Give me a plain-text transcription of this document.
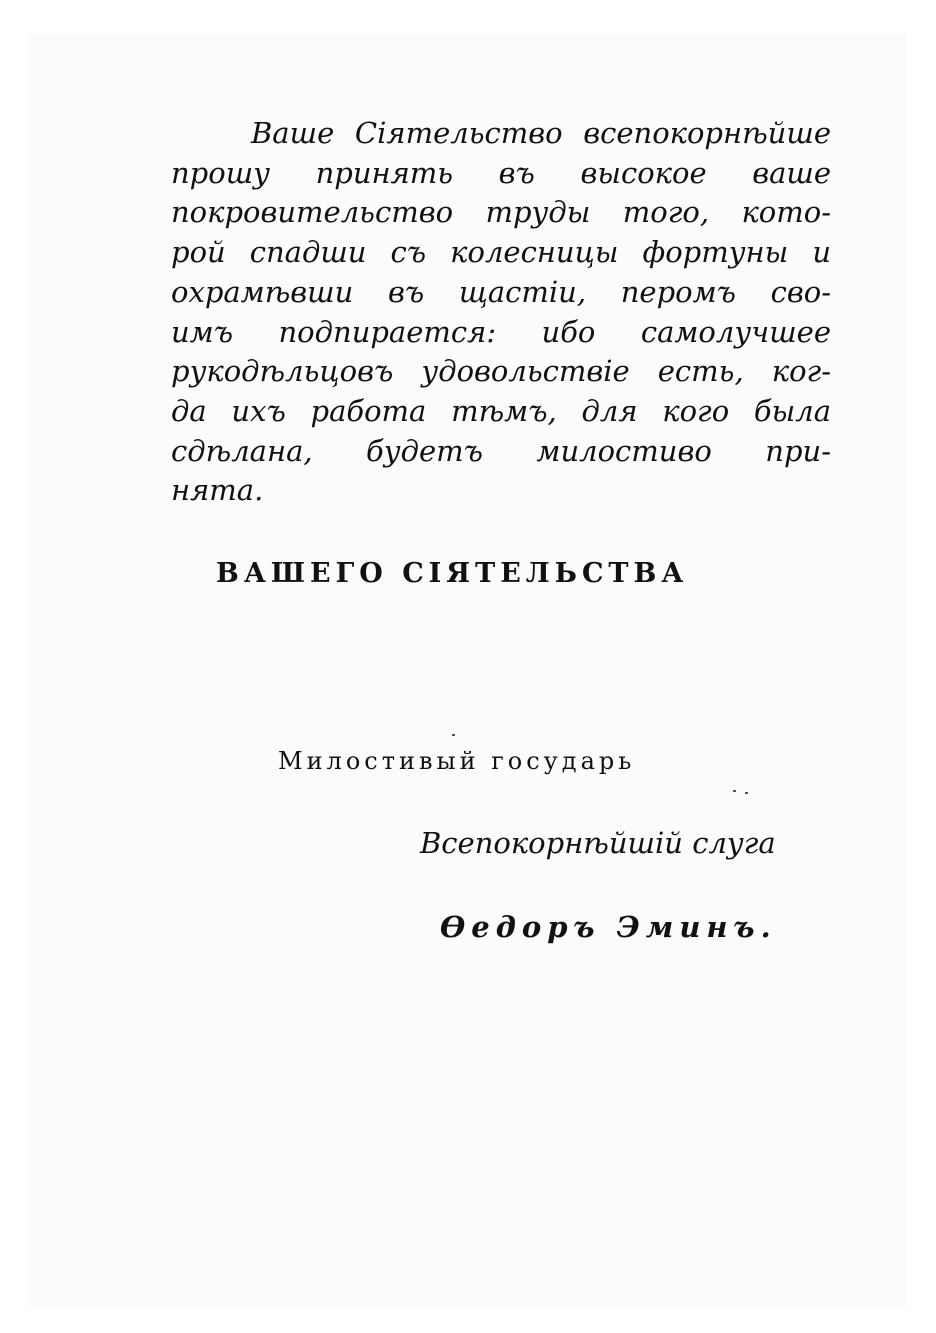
Ваше Сіятельство всепокорнѣйше
прошу принять въ высокое ваше
покровительство труды того, кото-
рой спадши съ колесницы фортуны и
охрамѣвши въ щастіи, перомъ сво-
имъ подпирается: ибо самолучшее
рукодѣльцовъ удовольствіе есть, ког-
да ихъ работа тѣмъ, для кого была
сдѣлана, будетъ милостиво при-
нята.
ВАШЕГО СІЯТЕЛЬСТВА
Милостивый государь
Всепокорнѣйшій слуга
Ѳедоръ Эминъ.
